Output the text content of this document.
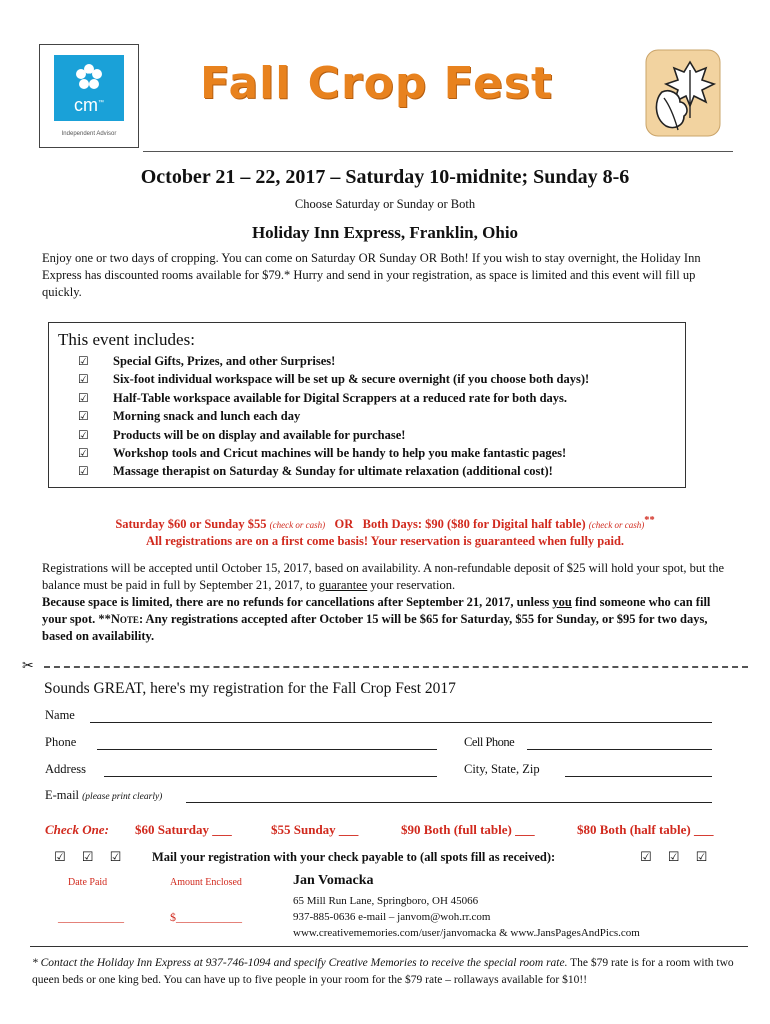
cm™
Independent Advisor
Fall Crop Fest
October 21 – 22, 2017 – Saturday 10-midnite; Sunday 8-6
Choose Saturday or Sunday or Both
Holiday Inn Express, Franklin, Ohio
Enjoy one or two days of cropping. You can come on Saturday OR Sunday OR Both! If you wish to stay overnight, the Holiday Inn Express has discounted rooms available for $79.* Hurry and send in your registration, as space is limited and this event will fill up quickly.
This event includes:
☑	Special Gifts, Prizes, and other Surprises!
☑	Six-foot individual workspace will be set up & secure overnight (if you choose both days)!
☑	Half-Table workspace available for Digital Scrappers at a reduced rate for both days.
☑	Morning snack and lunch each day
☑	Products will be on display and available for purchase!
☑	Workshop tools and Cricut machines will be handy to help you make fantastic pages!
☑	Massage therapist on Saturday & Sunday for ultimate relaxation (additional cost)!
Saturday $60 or Sunday $55 (check or cash) OR Both Days: $90 ($80 for Digital half table) (check or cash)**
All registrations are on a first come basis! Your reservation is guaranteed when fully paid.
Registrations will be accepted until October 15, 2017, based on availability. A non-refundable deposit of $25 will hold your spot, but the balance must be paid in full by September 21, 2017, to guarantee your reservation.
Because space is limited, there are no refunds for cancellations after September 21, 2017, unless you find someone who can fill your spot. **Note: Any registrations accepted after October 15 will be $65 for Saturday, $55 for Sunday, or $95 for two days, based on availability.
✂
Sounds GREAT, here's my registration for the Fall Crop Fest 2017
Name
Phone	Cell Phone
Address	City, State, Zip
E-mail (please print clearly)
Check One: $60 Saturday ___	$55 Sunday ___	$90 Both (full table) ___	$80 Both (half table) ___
☑ ☑ ☑ Mail your registration with your check payable to (all spots fill as received):	☑ ☑ ☑
Date Paid	Amount Enclosed
___________	$___________
Jan Vomacka
65 Mill Run Lane, Springboro, OH 45066
937-885-0636 e-mail – janvom@woh.rr.com
www.creativememories.com/user/janvomacka & www.JansPagesAndPics.com
* Contact the Holiday Inn Express at 937-746-1094 and specify Creative Memories to receive the special room rate. The $79 rate is for a room with two queen beds or one king bed. You can have up to five people in your room for the $79 rate – rollaways available for $10!!
